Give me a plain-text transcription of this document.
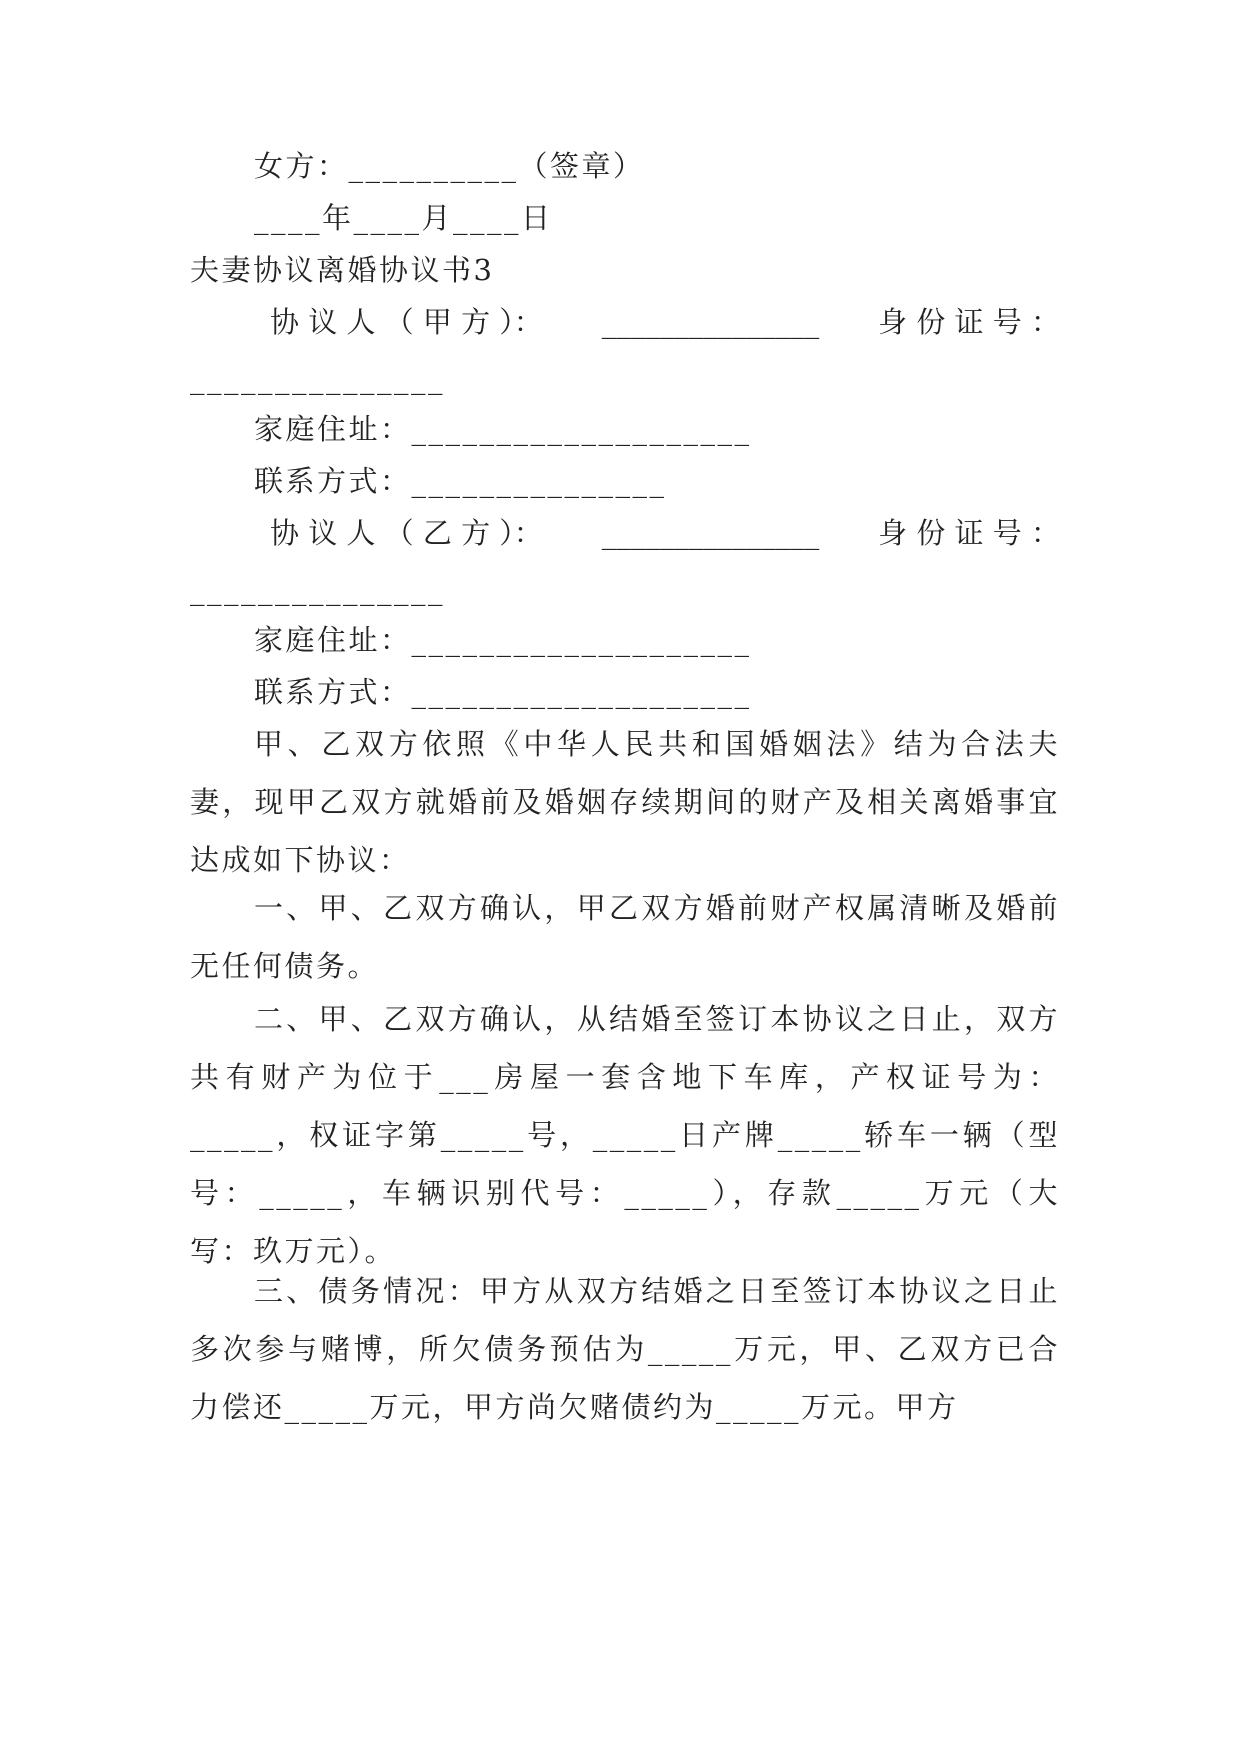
女方：__________（签章）
____年____月____日
夫妻协议离婚协议书3
协 议 人 （ 甲 方 ）： _______________ 身 份 证 号 ：
_______________
家庭住址：____________________
联系方式：_______________
协 议 人 （ 乙 方 ）： _______________ 身 份 证 号 ：
_______________
家庭住址：____________________
联系方式：____________________
甲、乙双方依照《中华人民共和国婚姻法》结为合法夫妻，现甲乙双方就婚前及婚姻存续期间的财产及相关离婚事宜达成如下协议：
一、甲、乙双方确认，甲乙双方婚前财产权属清晰及婚前无任何债务。
二、甲、乙双方确认，从结婚至签订本协议之日止，双方共有财产为位于___房屋一套含地下车库，产权证号为：_____，权证字第_____号，_____日产牌_____轿车一辆（型号：_____，车辆识别代号：_____），存款_____万元（大写：玖万元）。
三、债务情况：甲方从双方结婚之日至签订本协议之日止多次参与赌博，所欠债务预估为_____万元，甲、乙双方已合力偿还_____万元，甲方尚欠赌债约为_____万元。甲方
